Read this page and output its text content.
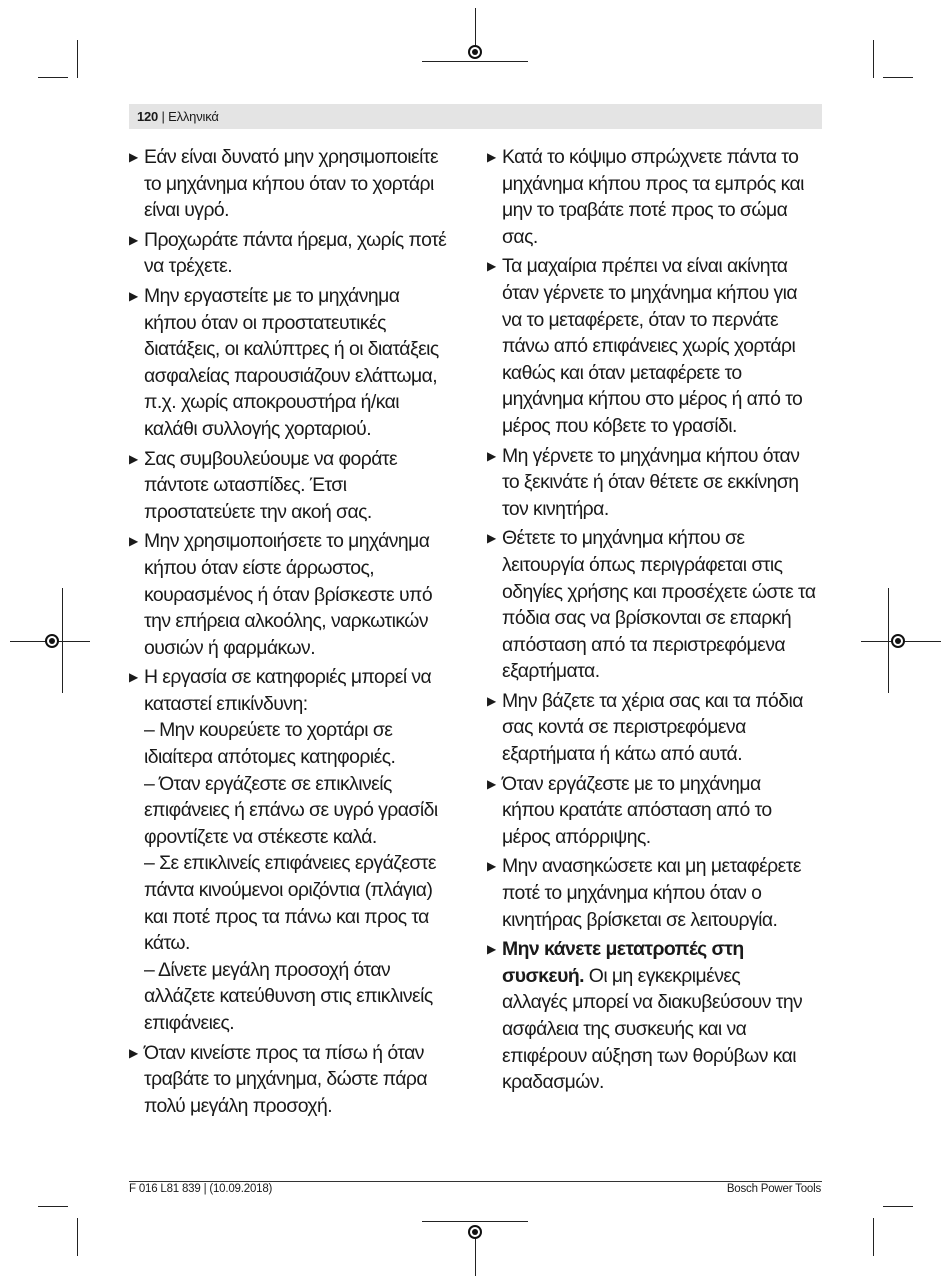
120 | Ελληνικά
▶ Εάν είναι δυνατό μην χρησιμοποιείτε
το μηχάνημα κήπου όταν το χορτάρι
είναι υγρό.
▶ Προχωράτε πάντα ήρεμα, χωρίς ποτέ
να τρέχετε.
▶ Μην εργαστείτε με το μηχάνημα
κήπου όταν οι προστατευτικές
διατάξεις, οι καλύπτρες ή οι διατάξεις
ασφαλείας παρουσιάζουν ελάττωμα,
π.χ. χωρίς αποκρουστήρα ή/και
καλάθι συλλογής χορταριού.
▶ Σας συμβουλεύουμε να φοράτε
πάντοτε ωτασπίδες. Έτσι
προστατεύετε την ακοή σας.
▶ Μην χρησιμοποιήσετε το μηχάνημα
κήπου όταν είστε άρρωστος,
κουρασμένος ή όταν βρίσκεστε υπό
την επήρεια αλκοόλης, ναρκωτικών
ουσιών ή φαρμάκων.
▶ Η εργασία σε κατηφοριές μπορεί να
καταστεί επικίνδυνη:
– Μην κουρεύετε το χορτάρι σε
ιδιαίτερα απότομες κατηφοριές.
– Όταν εργάζεστε σε επικλινείς
επιφάνειες ή επάνω σε υγρό γρασίδι
φροντίζετε να στέκεστε καλά.
– Σε επικλινείς επιφάνειες εργάζεστε
πάντα κινούμενοι οριζόντια (πλάγια)
και ποτέ προς τα πάνω και προς τα
κάτω.
– Δίνετε μεγάλη προσοχή όταν
αλλάζετε κατεύθυνση στις επικλινείς
επιφάνειες.
▶ Όταν κινείστε προς τα πίσω ή όταν
τραβάτε το μηχάνημα, δώστε πάρα
πολύ μεγάλη προσοχή.
▶ Κατά το κόψιμο σπρώχνετε πάντα το
μηχάνημα κήπου προς τα εμπρός και
μην το τραβάτε ποτέ προς το σώμα
σας.
▶ Τα μαχαίρια πρέπει να είναι ακίνητα
όταν γέρνετε το μηχάνημα κήπου για
να το μεταφέρετε, όταν το περνάτε
πάνω από επιφάνειες χωρίς χορτάρι
καθώς και όταν μεταφέρετε το
μηχάνημα κήπου στο μέρος ή από το
μέρος που κόβετε το γρασίδι.
▶ Μη γέρνετε το μηχάνημα κήπου όταν
το ξεκινάτε ή όταν θέτετε σε εκκίνηση
τον κινητήρα.
▶ Θέτετε το μηχάνημα κήπου σε
λειτουργία όπως περιγράφεται στις
οδηγίες χρήσης και προσέχετε ώστε τα
πόδια σας να βρίσκονται σε επαρκή
απόσταση από τα περιστρεφόμενα
εξαρτήματα.
▶ Μην βάζετε τα χέρια σας και τα πόδια
σας κοντά σε περιστρεφόμενα
εξαρτήματα ή κάτω από αυτά.
▶ Όταν εργάζεστε με το μηχάνημα
κήπου κρατάτε απόσταση από το
μέρος απόρριψης.
▶ Μην ανασηκώσετε και μη μεταφέρετε
ποτέ το μηχάνημα κήπου όταν ο
κινητήρας βρίσκεται σε λειτουργία.
▶ Μην κάνετε μετατροπές στη
συσκευή. Οι μη εγκεκριμένες
αλλαγές μπορεί να διακυβεύσουν την
ασφάλεια της συσκευής και να
επιφέρουν αύξηση των θορύβων και
κραδασμών.
F 016 L81 839 | (10.09.2018)	Bosch Power Tools
